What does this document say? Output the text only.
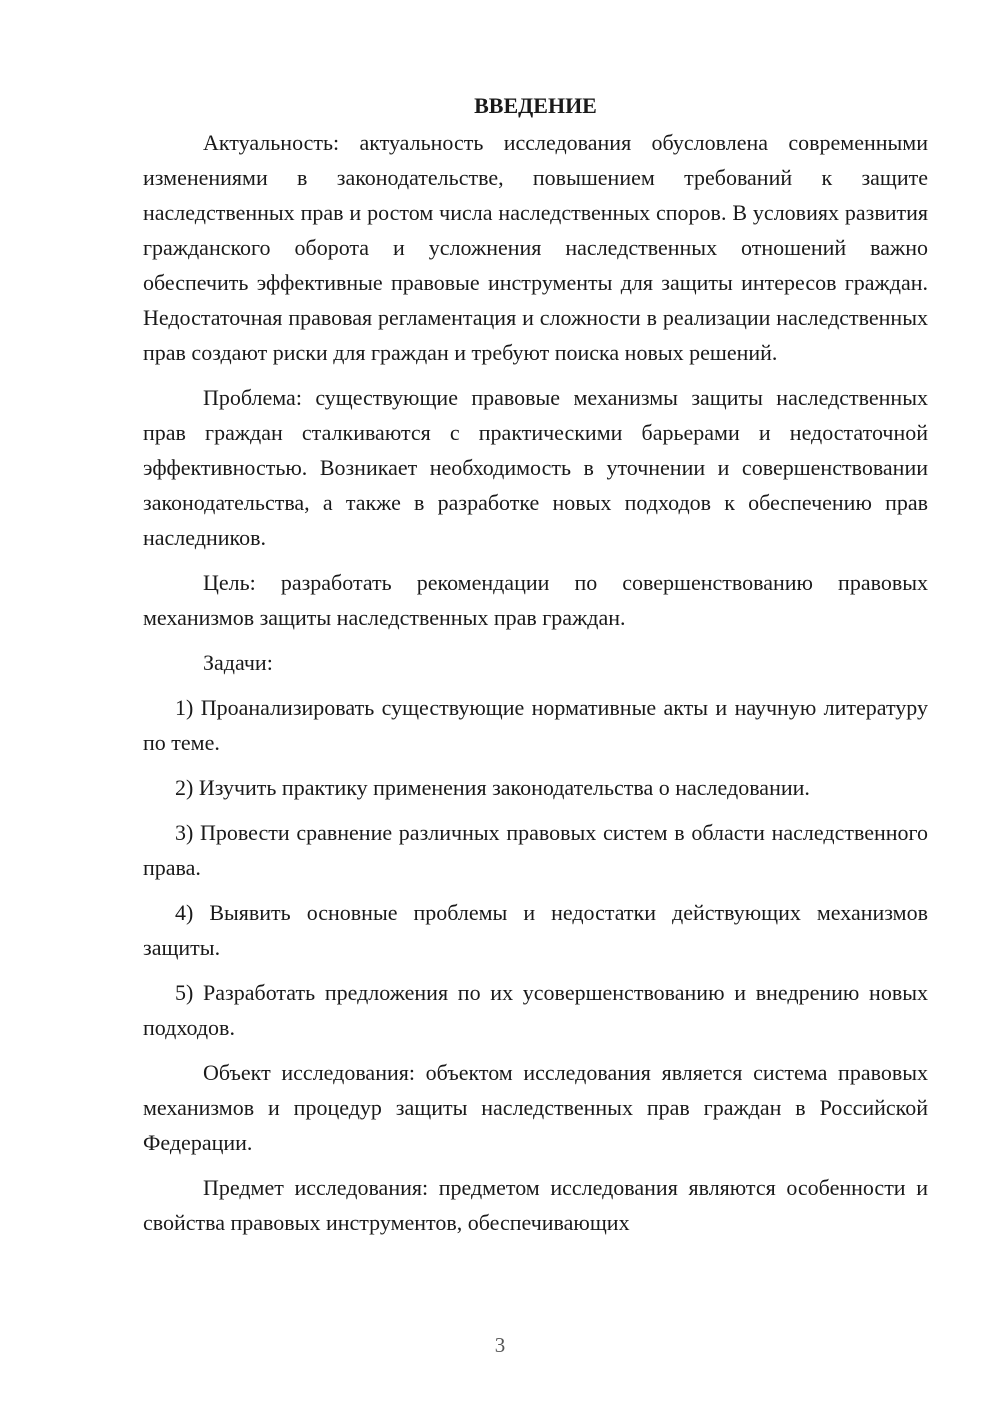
ВВЕДЕНИЕ

Актуальность: актуальность исследования обусловлена современными изменениями в законодательстве, повышением требований к защите наследственных прав и ростом числа наследственных споров. В условиях развития гражданского оборота и усложнения наследственных отношений важно обеспечить эффективные правовые инструменты для защиты интересов граждан. Недостаточная правовая регламентация и сложности в реализации наследственных прав создают риски для граждан и требуют поиска новых решений.

Проблема: существующие правовые механизмы защиты наследственных прав граждан сталкиваются с практическими барьерами и недостаточной эффективностью. Возникает необходимость в уточнении и совершенствовании законодательства, а также в разработке новых подходов к обеспечению прав наследников.

Цель: разработать рекомендации по совершенствованию правовых механизмов защиты наследственных прав граждан.

Задачи:

1) Проанализировать существующие нормативные акты и научную литературу по теме.

2) Изучить практику применения законодательства о наследовании.

3) Провести сравнение различных правовых систем в области наследственного права.

4) Выявить основные проблемы и недостатки действующих механизмов защиты.

5) Разработать предложения по их усовершенствованию и внедрению новых подходов.

Объект исследования: объектом исследования является система правовых механизмов и процедур защиты наследственных прав граждан в Российской Федерации.

Предмет исследования: предметом исследования являются особенности и свойства правовых инструментов, обеспечивающих

3
